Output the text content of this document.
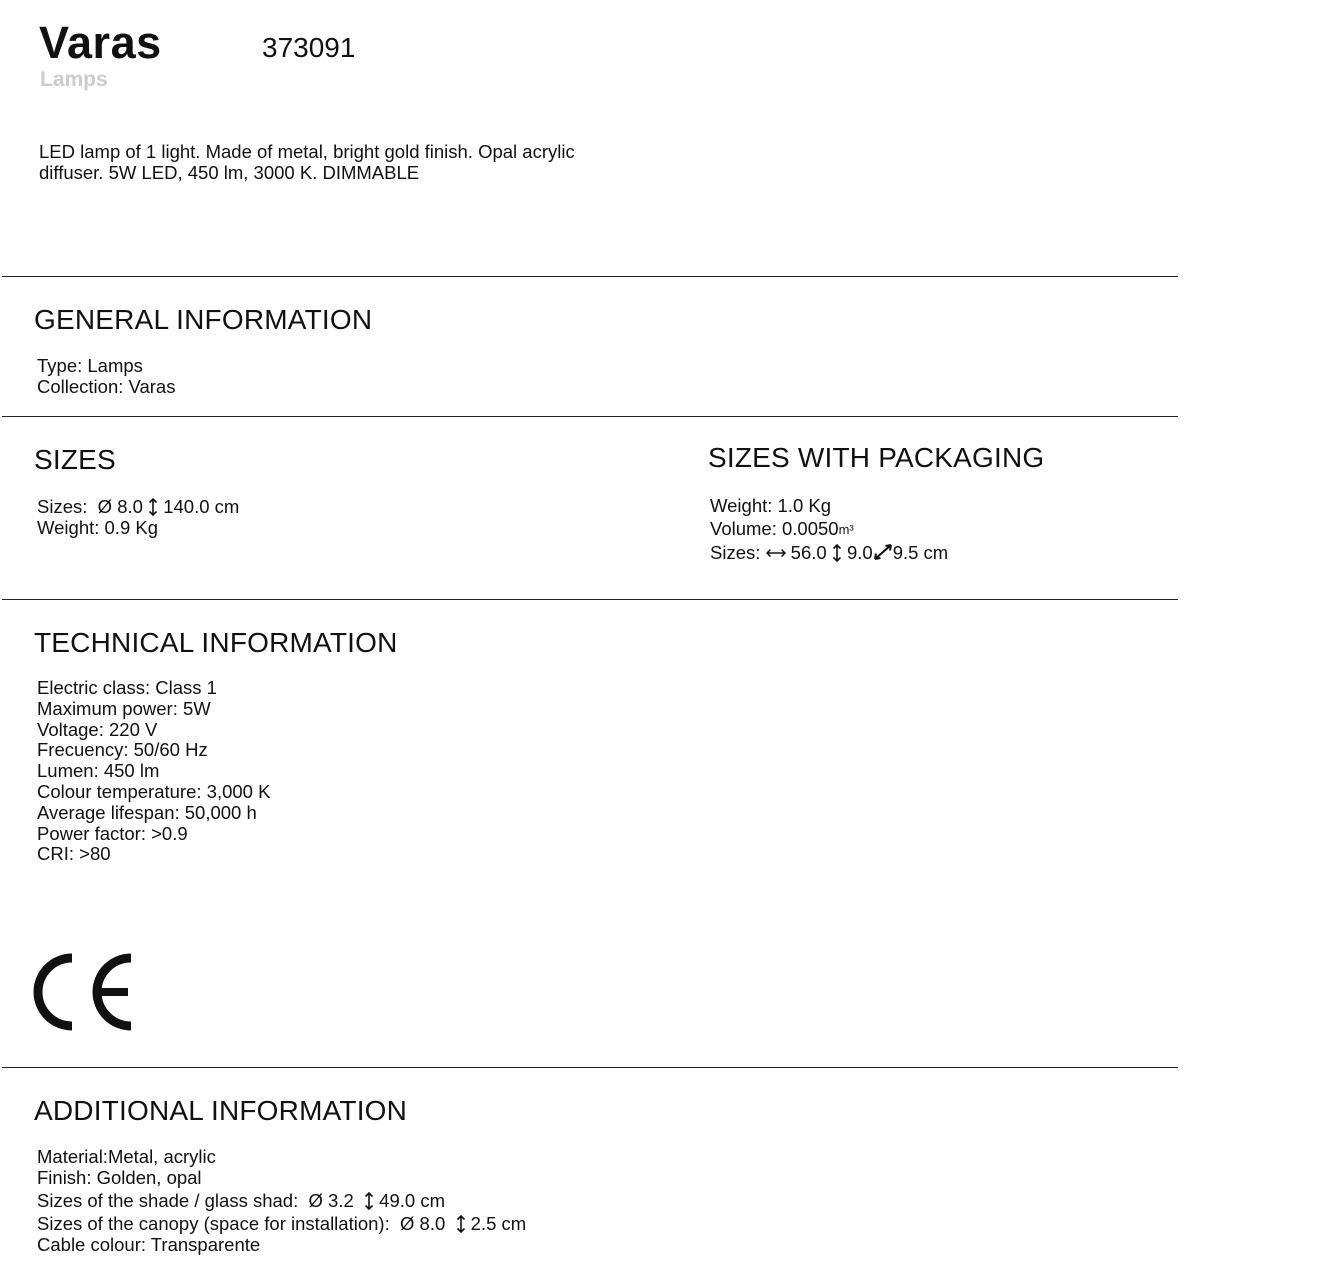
Varas	373091
Lamps
LED lamp of 1 light. Made of metal, bright gold finish. Opal acrylic diffuser. 5W LED, 450 lm, 3000 K. DIMMABLE
GENERAL INFORMATION
Type: Lamps
Collection: Varas
SIZES
Sizes: Ø 8.0 140.0 cm
Weight: 0.9 Kg
SIZES WITH PACKAGING
Weight: 1.0 Kg
Volume: 0.0050m³
Sizes: 56.0 9.0 9.5 cm
TECHNICAL INFORMATION
Electric class: Class 1
Maximum power: 5W
Voltage: 220 V
Frecuency: 50/60 Hz
Lumen: 450 lm
Colour temperature: 3,000 K
Average lifespan: 50,000 h
Power factor: >0.9
CRI: >80
ADDITIONAL INFORMATION
Material:Metal, acrylic
Finish: Golden, opal
Sizes of the shade / glass shad: Ø 3.2 49.0 cm
Sizes of the canopy (space for installation): Ø 8.0 2.5 cm
Cable colour: Transparente
